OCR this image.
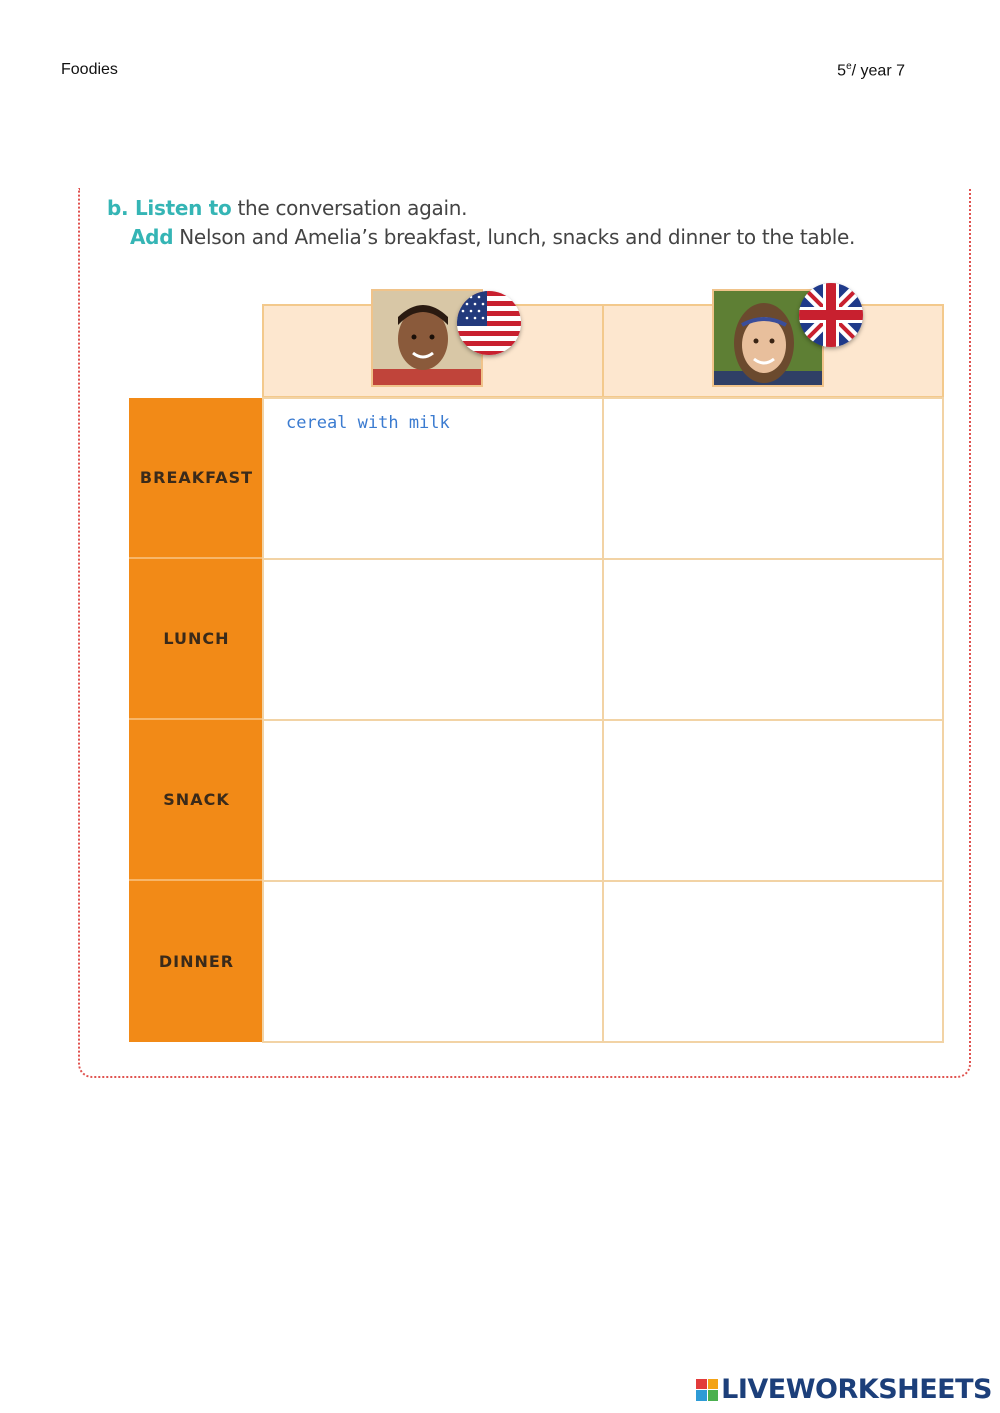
Foodies	5e/ year 7
b. Listen to the conversation again.
Add Nelson and Amelia’s breakfast, lunch, snacks and dinner to the table.
BREAKFAST
cereal with milk
LUNCH
SNACK
DINNER
LIVEWORKSHEETS
